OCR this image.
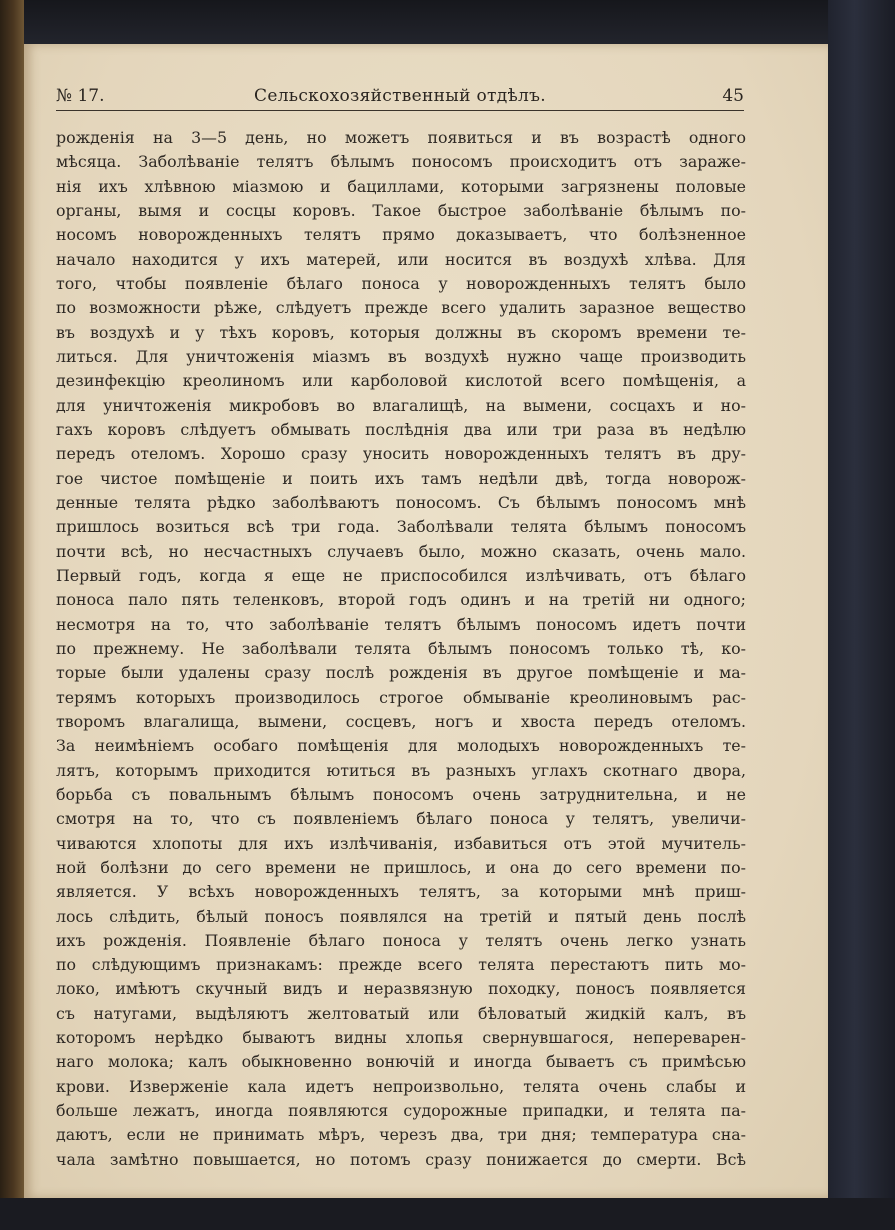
№ 17.	Сельскохозяйственный отдѣлъ.	45
рожденія на 3—5 день, но можетъ появиться и въ возрастѣ одного
мѣсяца. Заболѣваніе телятъ бѣлымъ поносомъ происходитъ отъ зараже-
нія ихъ хлѣвною міазмою и бациллами, которыми загрязнены половые
органы, вымя и сосцы коровъ. Такое быстрое заболѣваніе бѣлымъ по-
носомъ новорожденныхъ телятъ прямо доказываетъ, что болѣзненное
начало находится у ихъ матерей, или носится въ воздухѣ хлѣва. Для
того, чтобы появленіе бѣлаго поноса у новорожденныхъ телятъ было
по возможности рѣже, слѣдуетъ прежде всего удалить заразное вещество
въ воздухѣ и у тѣхъ коровъ, которыя должны въ скоромъ времени те-
литься. Для уничтоженія міазмъ въ воздухѣ нужно чаще производить
дезинфекцію креолиномъ или карболовой кислотой всего помѣщенія, а
для уничтоженія микробовъ во влагалищѣ, на вымени, сосцахъ и но-
гахъ коровъ слѣдуетъ обмывать послѣднія два или три раза въ недѣлю
передъ отеломъ. Хорошо сразу уносить новорожденныхъ телятъ въ дру-
гое чистое помѣщеніе и поить ихъ тамъ недѣли двѣ, тогда новорож-
денные телята рѣдко заболѣваютъ поносомъ. Съ бѣлымъ поносомъ мнѣ
пришлось возиться всѣ три года. Заболѣвали телята бѣлымъ поносомъ
почти всѣ, но несчастныхъ случаевъ было, можно сказать, очень мало.
Первый годъ, когда я еще не приспособился излѣчивать, отъ бѣлаго
поноса пало пять теленковъ, второй годъ одинъ и на третій ни одного;
несмотря на то, что заболѣваніе телятъ бѣлымъ поносомъ идетъ почти
по прежнему. Не заболѣвали телята бѣлымъ поносомъ только тѣ, ко-
торые были удалены сразу послѣ рожденія въ другое помѣщеніе и ма-
терямъ которыхъ производилось строгое обмываніе креолиновымъ рас-
творомъ влагалища, вымени, сосцевъ, ногъ и хвоста передъ отеломъ.
За неимѣніемъ особаго помѣщенія для молодыхъ новорожденныхъ те-
лятъ, которымъ приходится ютиться въ разныхъ углахъ скотнаго двора,
борьба съ повальнымъ бѣлымъ поносомъ очень затруднительна, и не
смотря на то, что съ появленіемъ бѣлаго поноса у телятъ, увеличи-
чиваются хлопоты для ихъ излѣчиванія, избавиться отъ этой мучитель-
ной болѣзни до сего времени не пришлось, и она до сего времени по-
является. У всѣхъ новорожденныхъ телятъ, за которыми мнѣ приш-
лось слѣдить, бѣлый поносъ появлялся на третій и пятый день послѣ
ихъ рожденія. Появленіе бѣлаго поноса у телятъ очень легко узнать
по слѣдующимъ признакамъ: прежде всего телята перестаютъ пить мо-
локо, имѣютъ скучный видъ и неразвязную походку, поносъ появляется
съ натугами, выдѣляютъ желтоватый или бѣловатый жидкій калъ, въ
которомъ нерѣдко бываютъ видны хлопья свернувшагося, непереварен-
наго молока; калъ обыкновенно вонючій и иногда бываетъ съ примѣсью
крови. Изверженіе кала идетъ непроизвольно, телята очень слабы и
больше лежатъ, иногда появляются судорожные припадки, и телята па-
даютъ, если не принимать мѣръ, черезъ два, три дня; температура сна-
чала замѣтно повышается, но потомъ сразу понижается до смерти. Всѣ
